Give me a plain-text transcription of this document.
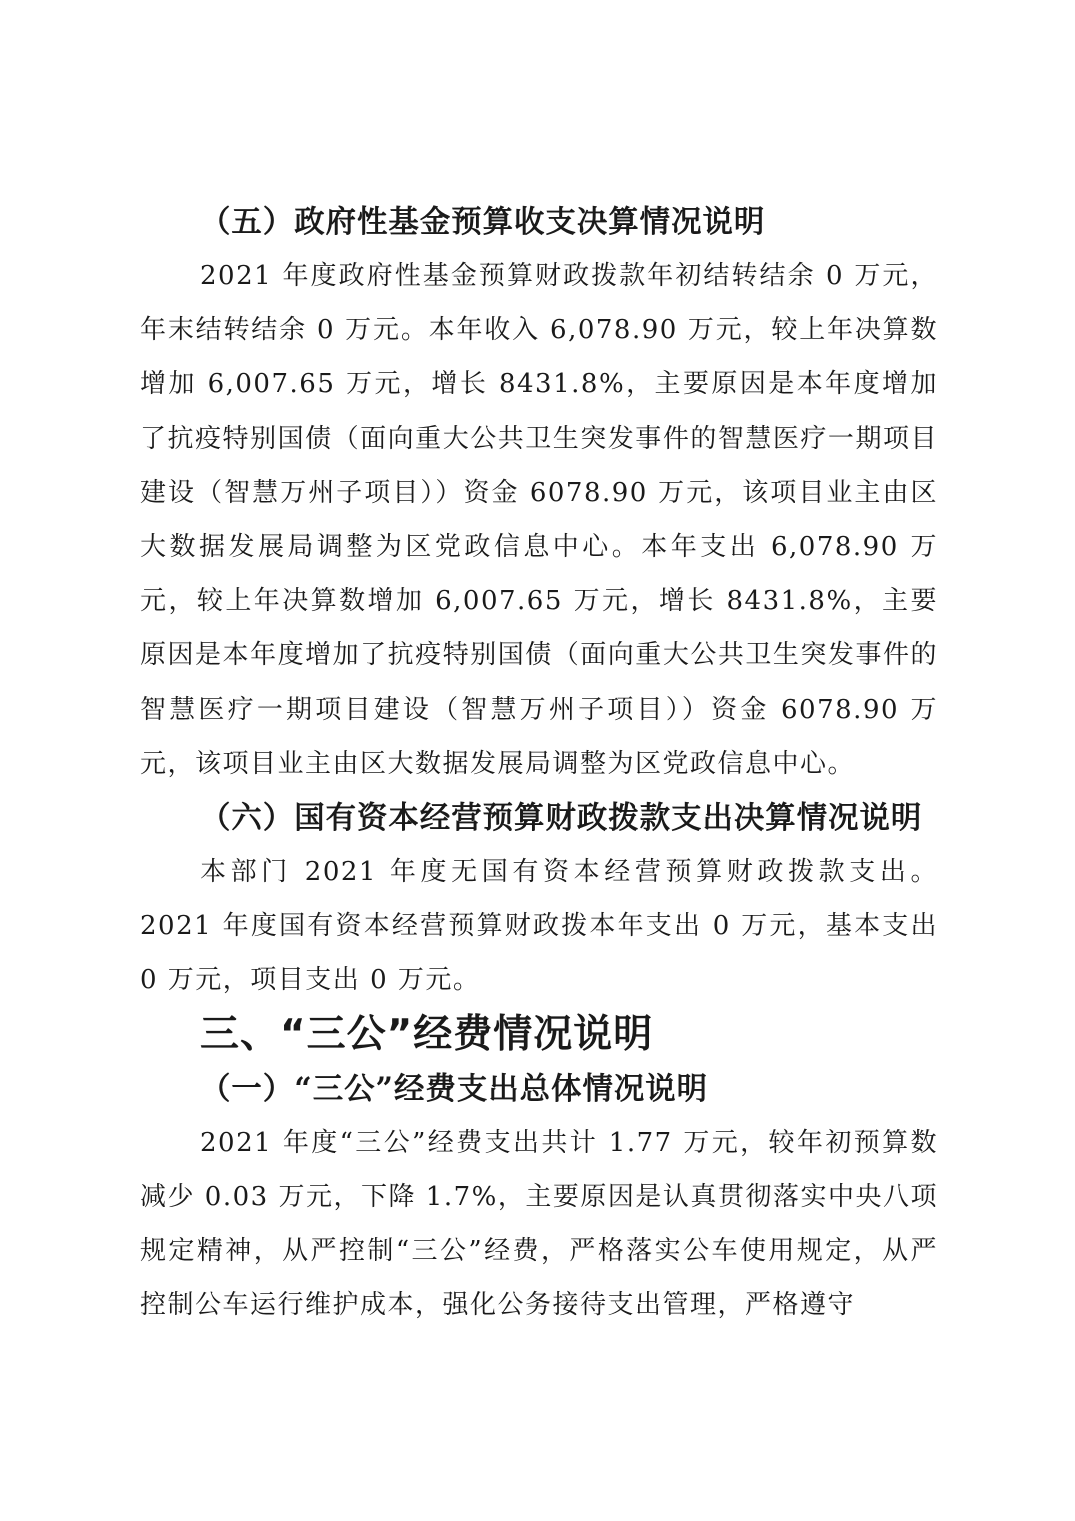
（五）政府性基金预算收支决算情况说明

2021 年度政府性基金预算财政拨款年初结转结余 0 万元，年末结转结余 0 万元。本年收入 6,078.90 万元，较上年决算数增加 6,007.65 万元，增长 8431.8%，主要原因是本年度增加了抗疫特别国债（面向重大公共卫生突发事件的智慧医疗一期项目建设（智慧万州子项目））资金 6078.90 万元，该项目业主由区大数据发展局调整为区党政信息中心。本年支出 6,078.90 万元，较上年决算数增加 6,007.65 万元，增长 8431.8%，主要原因是本年度增加了抗疫特别国债（面向重大公共卫生突发事件的智慧医疗一期项目建设（智慧万州子项目））资金 6078.90 万元，该项目业主由区大数据发展局调整为区党政信息中心。

（六）国有资本经营预算财政拨款支出决算情况说明

本部门 2021 年度无国有资本经营预算财政拨款支出。2021 年度国有资本经营预算财政拨本年支出 0 万元，基本支出 0 万元，项目支出 0 万元。

三、“三公”经费情况说明
（一）“三公”经费支出总体情况说明

2021 年度“三公”经费支出共计 1.77 万元，较年初预算数减少 0.03 万元，下降 1.7%，主要原因是认真贯彻落实中央八项规定精神，从严控制“三公”经费，严格落实公车使用规定，从严控制公车运行维护成本，强化公务接待支出管理，严格遵守
